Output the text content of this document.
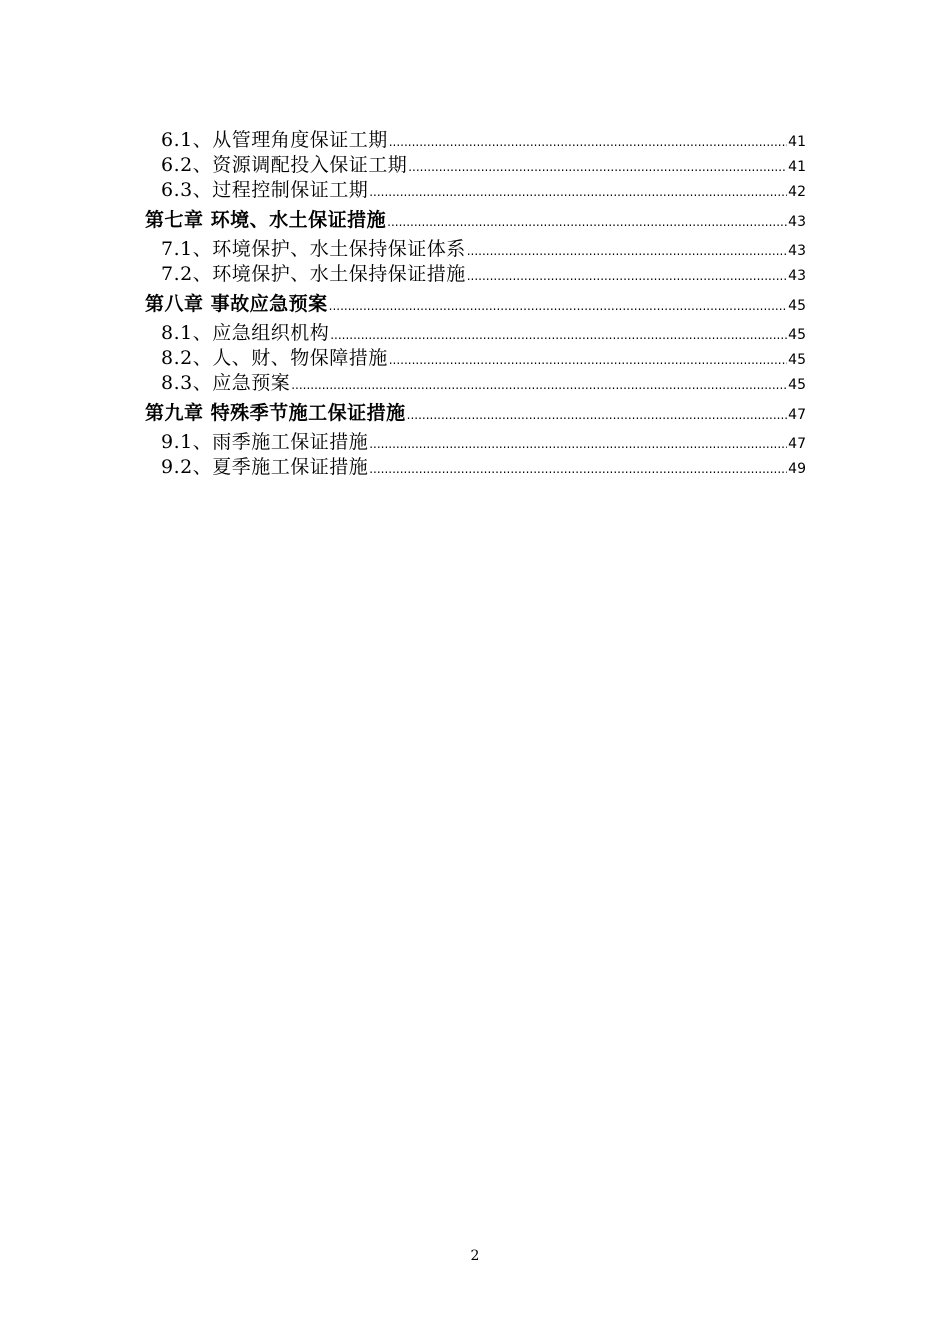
6.1、从管理角度保证工期 .....	41
6.2、资源调配投入保证工期 .....	41
6.3、过程控制保证工期 .....	42
第七章 环境、水土保证措施 .....	43
7.1、环境保护、水土保持保证体系 .....	43
7.2、环境保护、水土保持保证措施 .....	43
第八章 事故应急预案 .....	45
8.1、应急组织机构 .....	45
8.2、人、财、物保障措施 .....	45
8.3、应急预案 .....	45
第九章 特殊季节施工保证措施 .....	47
9.1、雨季施工保证措施 .....	47
9.2、夏季施工保证措施 .....	49
2
